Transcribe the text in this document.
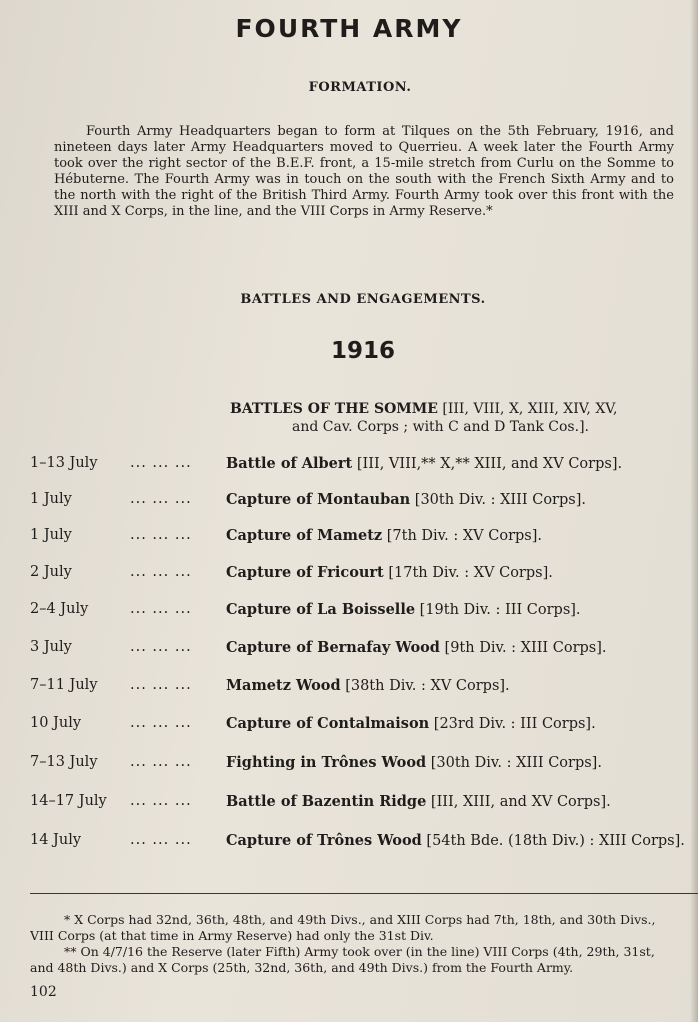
FOURTH ARMY
FORMATION.

Fourth Army Headquarters began to form at Tilques on the 5th February, 1916, and nineteen days later Army Headquarters moved to Querrieu. A week later the Fourth Army took over the right sector of the B.E.F. front, a 15-mile stretch from Curlu on the Somme to Hébuterne. The Fourth Army was in touch on the south with the French Sixth Army and to the north with the right of the British Third Army. Fourth Army took over this front with the XIII and X Corps, in the line, and the VIII Corps in Army Reserve.*

BATTLES AND ENGAGEMENTS.
1916
BATTLES OF THE SOMME [III, VIII, X, XIII, XIV, XV,
and Cav. Corps ; with C and D Tank Cos.].
1–13 July ... ... ... Battle of Albert [III, VIII,** X,** XIII, and XV Corps].
1 July	... ... ... Capture of Montauban [30th Div. : XIII Corps].
1 July	... ... ... Capture of Mametz [7th Div. : XV Corps].
2 July	... ... ... Capture of Fricourt [17th Div. : XV Corps].
2–4 July	... ... ... Capture of La Boisselle [19th Div. : III Corps].
3 July	... ... ... Capture of Bernafay Wood [9th Div. : XIII Corps].
7–11 July ... ... ... Mametz Wood [38th Div. : XV Corps].
10 July	... ... ... Capture of Contalmaison [23rd Div. : III Corps].
7–13 July ... ... ... Fighting in Trônes Wood [30th Div. : XIII Corps].
14–17 July ... ... ... Battle of Bazentin Ridge [III, XIII, and XV Corps].
14 July	... ... ... Capture of Trônes Wood [54th Bde. (18th Div.) : XIII Corps].

* X Corps had 32nd, 36th, 48th, and 49th Divs., and XIII Corps had 7th, 18th, and 30th Divs.,

VIII Corps (at that time in Army Reserve) had only the 31st Div.

** On 4/7/16 the Reserve (later Fifth) Army took over (in the line) VIII Corps (4th, 29th, 31st,

and 48th Divs.) and X Corps (25th, 32nd, 36th, and 49th Divs.) from the Fourth Army.

102
